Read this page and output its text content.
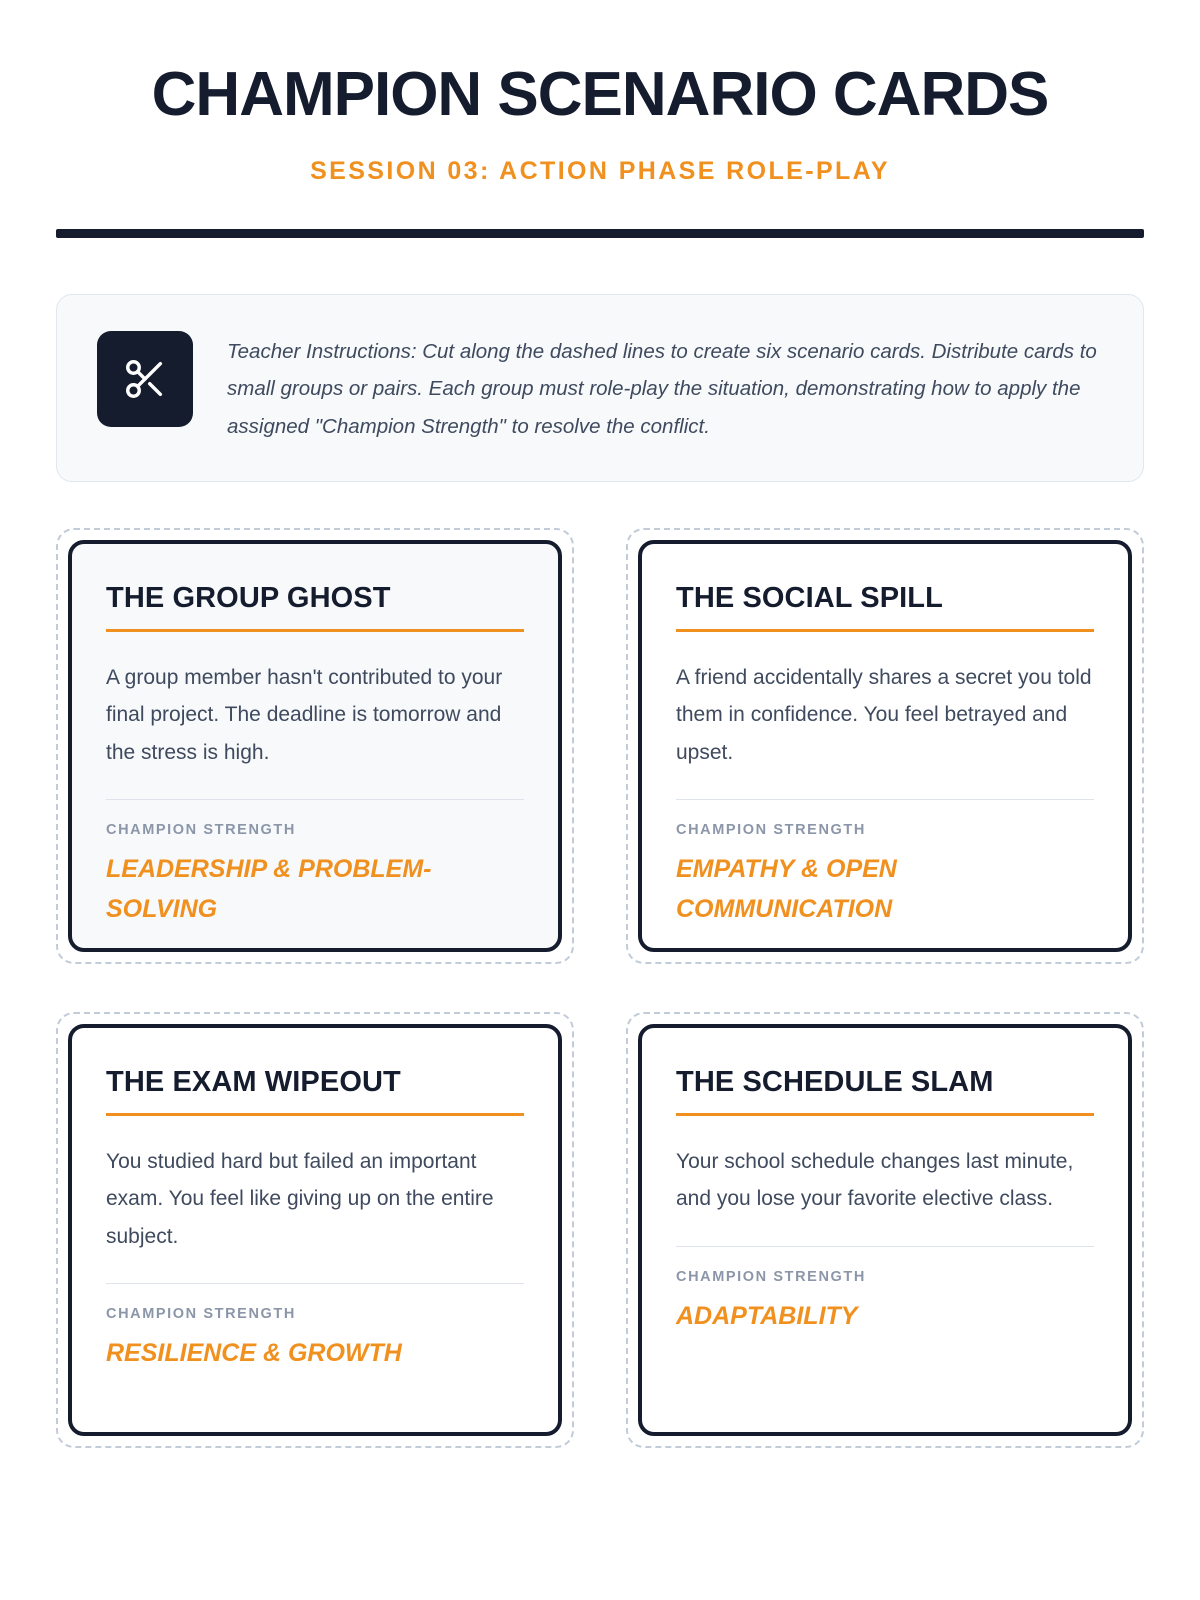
CHAMPION SCENARIO CARDS
SESSION 03: ACTION PHASE ROLE-PLAY
Teacher Instructions: Cut along the dashed lines to create six scenario cards. Distribute cards to small groups or pairs. Each group must role-play the situation, demonstrating how to apply the assigned "Champion Strength" to resolve the conflict.
THE GROUP GHOST
A group member hasn't contributed to your final project. The deadline is tomorrow and the stress is high.
CHAMPION STRENGTH
LEADERSHIP & PROBLEM-SOLVING
THE SOCIAL SPILL
A friend accidentally shares a secret you told them in confidence. You feel betrayed and upset.
CHAMPION STRENGTH
EMPATHY & OPEN COMMUNICATION
THE EXAM WIPEOUT
You studied hard but failed an important exam. You feel like giving up on the entire subject.
CHAMPION STRENGTH
RESILIENCE & GROWTH
THE SCHEDULE SLAM
Your school schedule changes last minute, and you lose your favorite elective class.
CHAMPION STRENGTH
ADAPTABILITY
